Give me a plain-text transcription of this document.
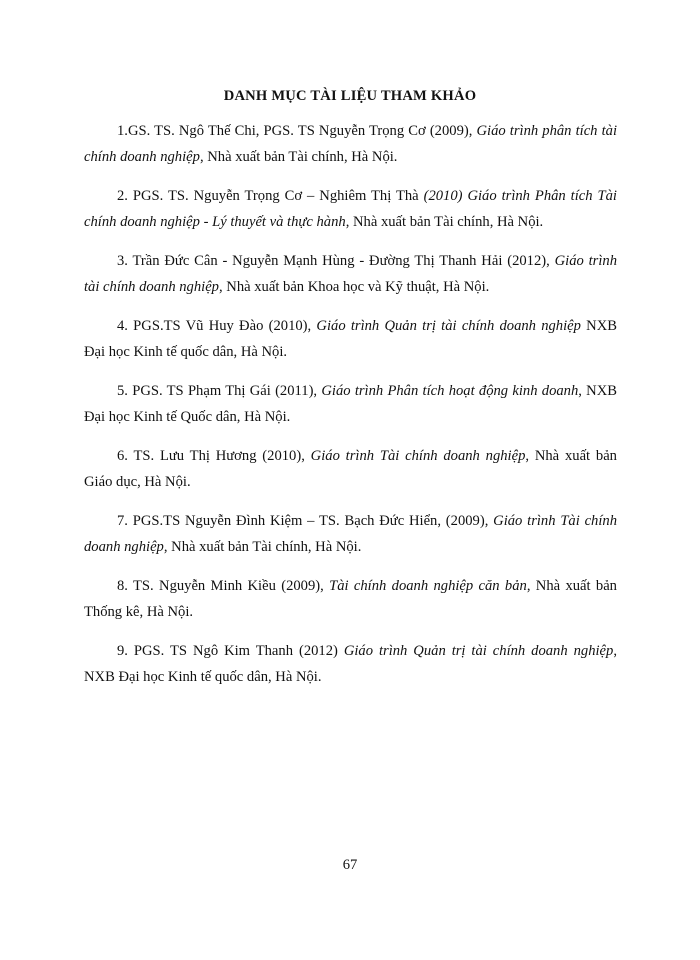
DANH MỤC TÀI LIỆU THAM KHẢO

1.GS. TS. Ngô Thế Chi, PGS. TS Nguyễn Trọng Cơ (2009), Giáo trình phân tích tài chính doanh nghiệp, Nhà xuất bản Tài chính, Hà Nội.

2. PGS. TS. Nguyễn Trọng Cơ – Nghiêm Thị Thà (2010) Giáo trình Phân tích Tài chính doanh nghiệp - Lý thuyết và thực hành, Nhà xuất bản Tài chính, Hà Nội.

3. Trần Đức Cân - Nguyễn Mạnh Hùng - Đường Thị Thanh Hải (2012), Giáo trình tài chính doanh nghiệp, Nhà xuất bản Khoa học và Kỹ thuật, Hà Nội.

4. PGS.TS Vũ Huy Đào (2010), Giáo trình Quản trị tài chính doanh nghiệp NXB Đại học Kinh tế quốc dân, Hà Nội.

5. PGS. TS Phạm Thị Gái (2011), Giáo trình Phân tích hoạt động kinh doanh, NXB Đại học Kinh tế Quốc dân, Hà Nội.

6. TS. Lưu Thị Hương (2010), Giáo trình Tài chính doanh nghiệp, Nhà xuất bản Giáo dục, Hà Nội.

7. PGS.TS Nguyễn Đình Kiệm – TS. Bạch Đức Hiển, (2009), Giáo trình Tài chính doanh nghiệp, Nhà xuất bản Tài chính, Hà Nội.

8. TS. Nguyễn Minh Kiều (2009), Tài chính doanh nghiệp căn bản, Nhà xuất bản Thống kê, Hà Nội.

9. PGS. TS Ngô Kim Thanh (2012) Giáo trình Quản trị tài chính doanh nghiệp, NXB Đại học Kinh tế quốc dân, Hà Nội.

67
